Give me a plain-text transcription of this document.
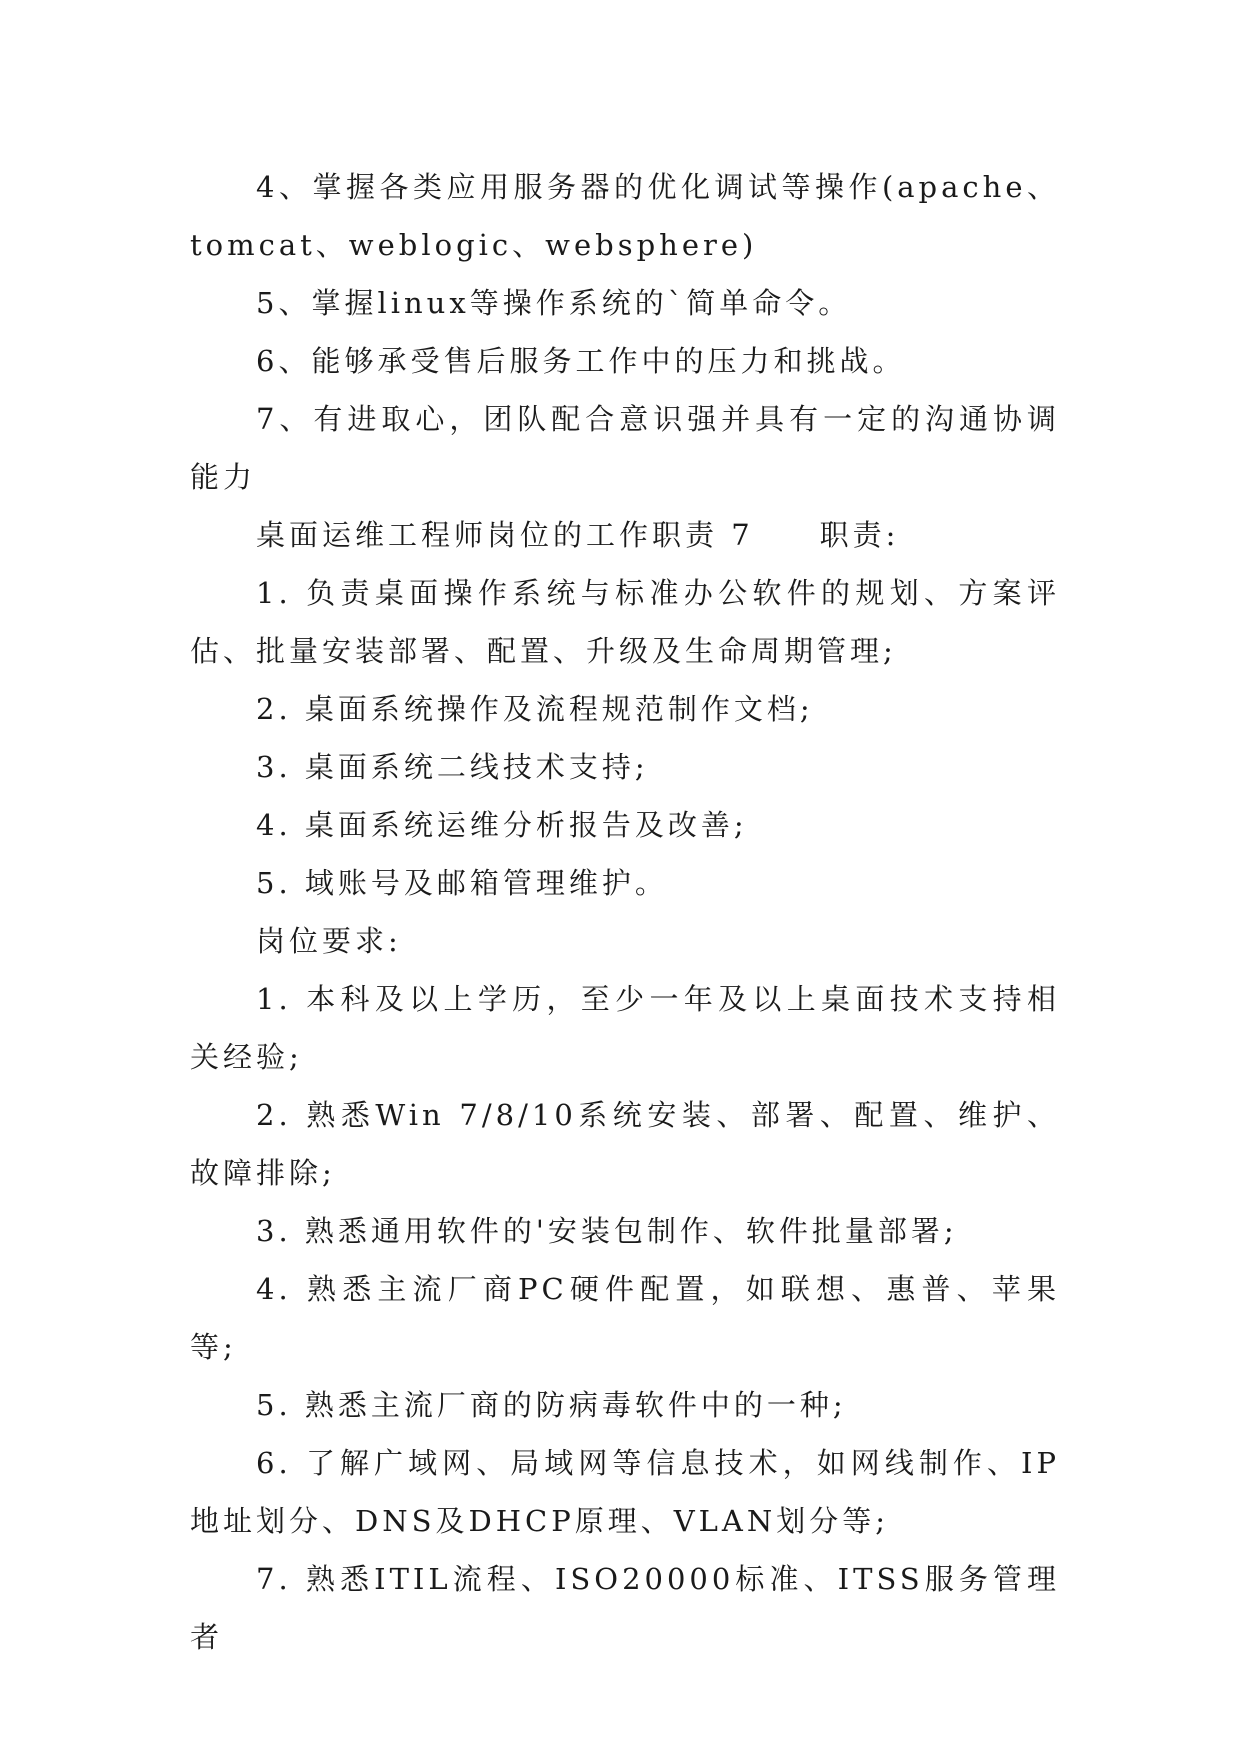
4、掌握各类应用服务器的优化调试等操作(apache、tomcat、weblogic、websphere)

5、掌握linux等操作系统的`简单命令。

6、能够承受售后服务工作中的压力和挑战。

7、有进取心，团队配合意识强并具有一定的沟通协调能力

桌面运维工程师岗位的工作职责 7　　职责:

1. 负责桌面操作系统与标准办公软件的规划、方案评估、批量安装部署、配置、升级及生命周期管理;

2. 桌面系统操作及流程规范制作文档;

3. 桌面系统二线技术支持;

4. 桌面系统运维分析报告及改善;

5. 域账号及邮箱管理维护。

岗位要求:

1. 本科及以上学历，至少一年及以上桌面技术支持相关经验;

2. 熟悉Win 7/8/10系统安装、部署、配置、维护、故障排除;

3. 熟悉通用软件的'安装包制作、软件批量部署;

4. 熟悉主流厂商PC硬件配置，如联想、惠普、苹果等;

5. 熟悉主流厂商的防病毒软件中的一种;

6. 了解广域网、局域网等信息技术，如网线制作、IP地址划分、DNS及DHCP原理、VLAN划分等;

7. 熟悉ITIL流程、ISO20000标准、ITSS服务管理者
